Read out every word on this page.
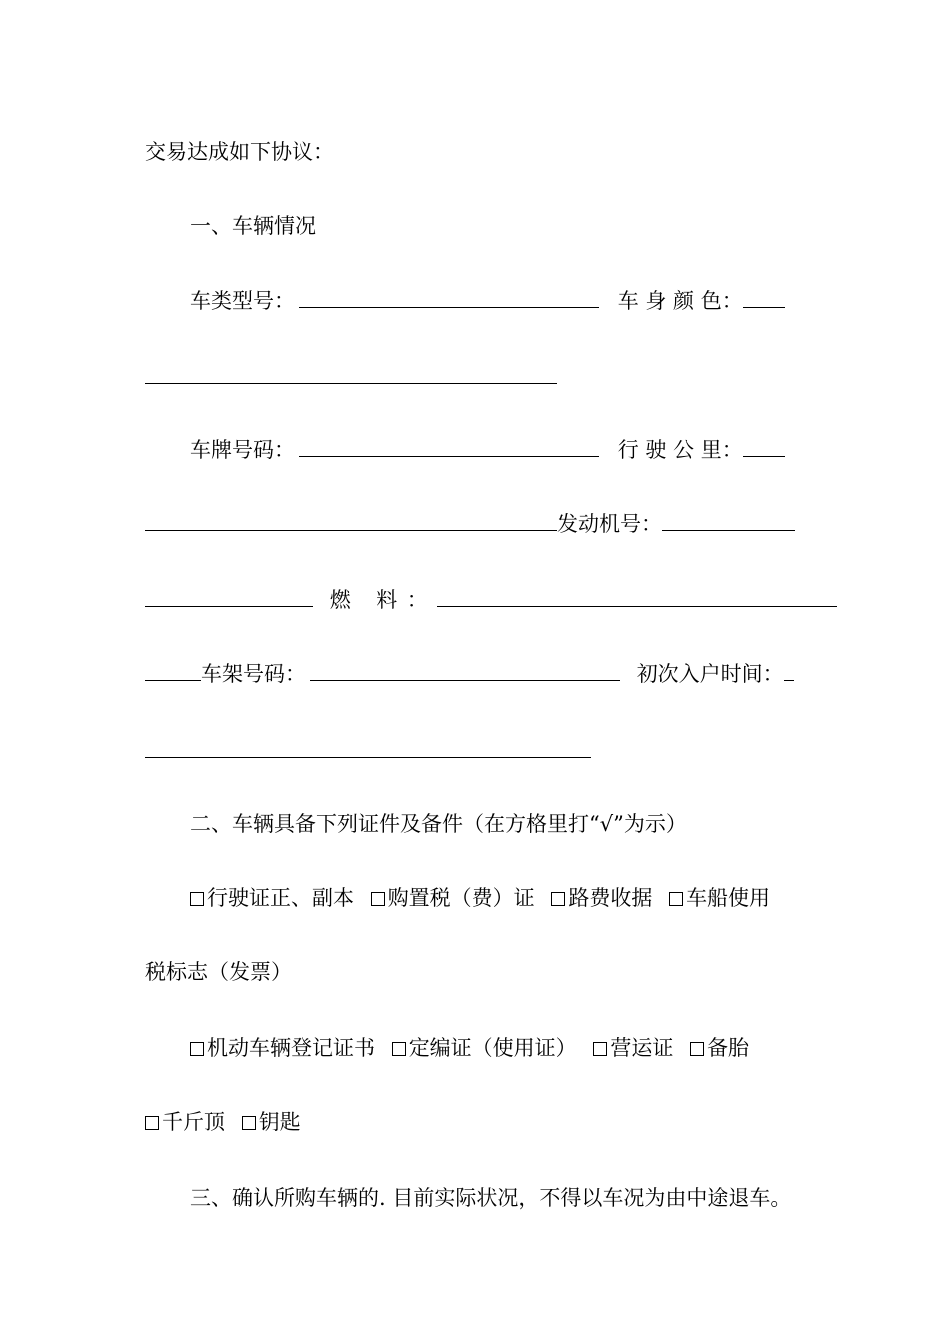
交易达成如下协议：
一、车辆情况
车类型号：	车 身 颜 色：
车牌号码：	行 驶 公 里：
发动机号：
燃 料：
车架号码：	初次入户时间：
二、车辆具备下列证件及备件（在方格里打“√”为示）
行驶证正、副本 购置税（费）证 路费收据 车船使用
税标志（发票）
机动车辆登记证书 定编证（使用证） 营运证 备胎
千斤顶 钥匙
三、确认所购车辆的. 目前实际状况，不得以车况为由中途退车。
